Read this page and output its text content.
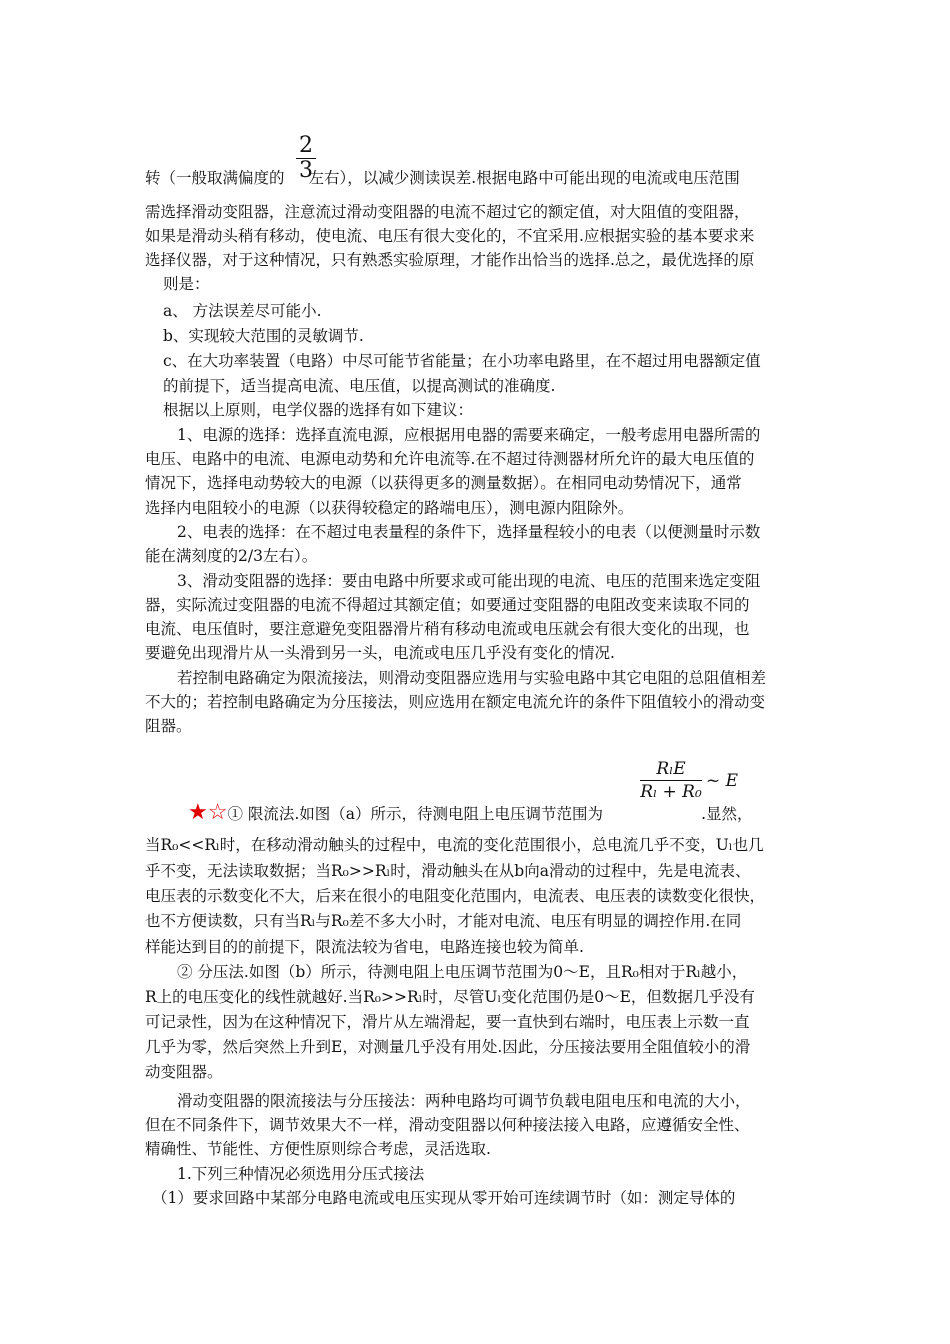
$\frac{2}{3}$
转（一般取满偏度的 左右），以减少测读误差.根据电路中可能出现的电流或电压范围
需选择滑动变阻器，注意流过滑动变阻器的电流不超过它的额定值，对大阻值的变阻器，
如果是滑动头稍有移动，使电流、电压有很大变化的，不宜采用.应根据实验的基本要求来
选择仪器，对于这种情况，只有熟悉实验原理，才能作出恰当的选择.总之，最优选择的原
则是：
a、 方法误差尽可能小.
b、实现较大范围的灵敏调节.
c、在大功率装置（电路）中尽可能节省能量；在小功率电路里，在不超过用电器额定值
的前提下，适当提高电流、电压值，以提高测试的准确度.
根据以上原则，电学仪器的选择有如下建议：
1、电源的选择：选择直流电源，应根据用电器的需要来确定，一般考虑用电器所需的
电压、电路中的电流、电源电动势和允许电流等.在不超过待测器材所允许的最大电压值的
情况下，选择电动势较大的电源（以获得更多的测量数据）。在相同电动势情况下，通常
选择内电阻较小的电源（以获得较稳定的路端电压），测电源内阻除外。
2、电表的选择：在不超过电表量程的条件下，选择量程较小的电表（以便测量时示数
能在满刻度的2/3左右）。
3、滑动变阻器的选择：要由电路中所要求或可能出现的电流、电压的范围来选定变阻
器，实际流过变阻器的电流不得超过其额定值；如要通过变阻器的电阻改变来读取不同的
电流、电压值时，要注意避免变阻器滑片稍有移动电流或电压就会有很大变化的出现，也
要避免出现滑片从一头滑到另一头，电流或电压几乎没有变化的情况.
若控制电路确定为限流接法，则滑动变阻器应选用与实验电路中其它电阻的总阻值相差
不大的；若控制电路确定为分压接法，则应选用在额定电流允许的条件下阻值较小的滑动变
阻器。
RₗE
Rₗ + R₀
~ E
★☆① 限流法.如图（a）所示，待测电阻上电压调节范围为	.显然，
当R₀<<Rₗ时，在移动滑动触头的过程中，电流的变化范围很小，总电流几乎不变，Uₗ也几
乎不变，无法读取数据；当R₀>>Rₗ时，滑动触头在从b向a滑动的过程中，先是电流表、
电压表的示数变化不大，后来在很小的电阻变化范围内，电流表、电压表的读数变化很快，
也不方便读数，只有当Rₗ与R₀差不多大小时，才能对电流、电压有明显的调控作用.在同
样能达到目的的前提下，限流法较为省电，电路连接也较为简单.
② 分压法.如图（b）所示，待测电阻上电压调节范围为0～E，且R₀相对于Rₗ越小，
R上的电压变化的线性就越好.当R₀>>Rₗ时，尽管Uₗ变化范围仍是0～E，但数据几乎没有
可记录性，因为在这种情况下，滑片从左端滑起，要一直快到右端时，电压表上示数一直
几乎为零，然后突然上升到E，对测量几乎没有用处.因此，分压接法要用全阻值较小的滑
动变阻器。
滑动变阻器的限流接法与分压接法：两种电路均可调节负载电阻电压和电流的大小，
但在不同条件下，调节效果大不一样，滑动变阻器以何种接法接入电路，应遵循安全性、
精确性、节能性、方便性原则综合考虑，灵活选取.
1.下列三种情况必须选用分压式接法
（1）要求回路中某部分电路电流或电压实现从零开始可连续调节时（如：测定导体的
